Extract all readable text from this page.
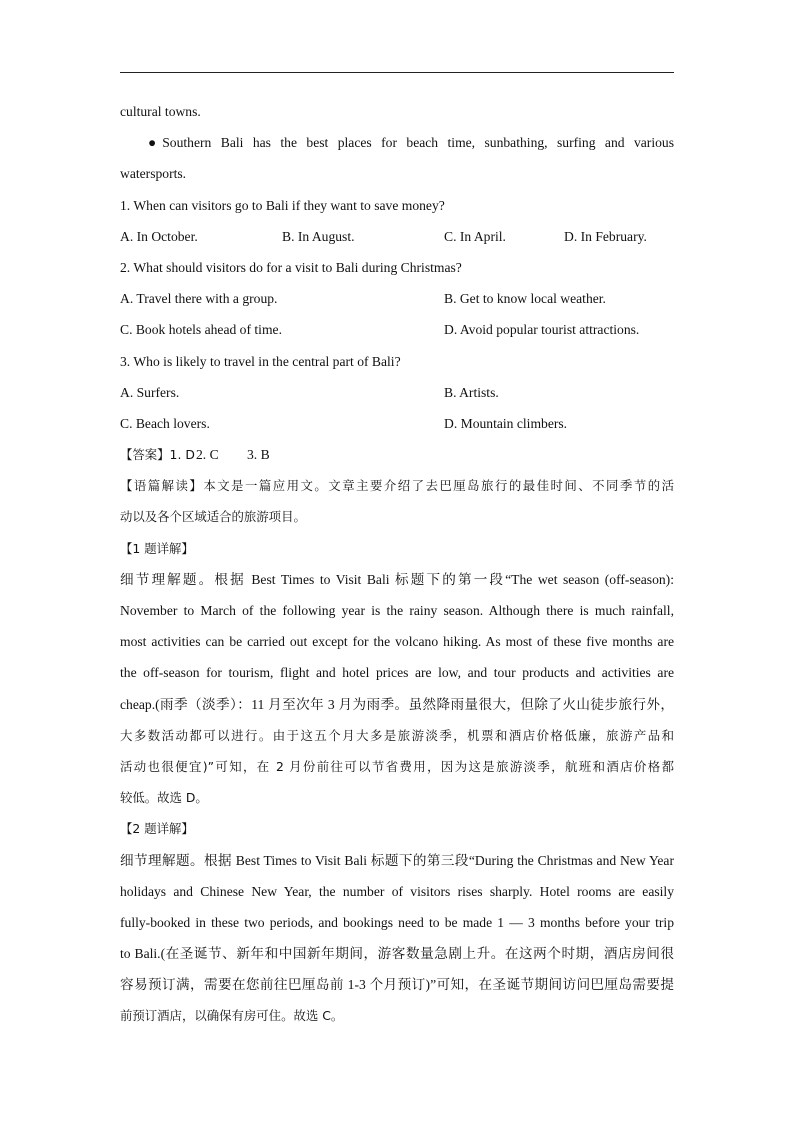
cultural towns.
●Southern Bali has the best places for beach time, sunbathing, surfing and various
watersports.
1. When can visitors go to Bali if they want to save money?
A. In October.	B. In August.	C. In April.	D. In February.
2. What should visitors do for a visit to Bali during Christmas?
A. Travel there with a group.	B. Get to know local weather.
C. Book hotels ahead of time.	D. Avoid popular tourist attractions.
3. Who is likely to travel in the central part of Bali?
A. Surfers.	B. Artists.
C. Beach lovers.	D. Mountain climbers.
【答案】1. D2. C 3. B
【语篇解读】本文是一篇应用文。文章主要介绍了去巴厘岛旅行的最佳时间、不同季节的活
动以及各个区域适合的旅游项目。
【1 题详解】
细节理解题。根据 Best Times to Visit Bali 标题下的第一段“The wet season (off-season):
November to March of the following year is the rainy season. Although there is much rainfall,
most activities can be carried out except for the volcano hiking. As most of these five months are
the off-season for tourism, flight and hotel prices are low, and tour products and activities are
cheap.(雨季（淡季）：11 月至次年 3 月为雨季。虽然降雨量很大，但除了火山徒步旅行外，
大多数活动都可以进行。由于这五个月大多是旅游淡季，机票和酒店价格低廉，旅游产品和
活动也很便宜)”可知，在 2 月份前往可以节省费用，因为这是旅游淡季，航班和酒店价格都
较低。故选 D。
【2 题详解】
细节理解题。根据 Best Times to Visit Bali 标题下的第三段“During the Christmas and New Year
holidays and Chinese New Year, the number of visitors rises sharply. Hotel rooms are easily
fully-booked in these two periods, and bookings need to be made 1 — 3 months before your trip
to Bali.(在圣诞节、新年和中国新年期间，游客数量急剧上升。在这两个时期，酒店房间很
容易预订满，需要在您前往巴厘岛前 1-3 个月预订)”可知，在圣诞节期间访问巴厘岛需要提
前预订酒店，以确保有房可住。故选 C。
